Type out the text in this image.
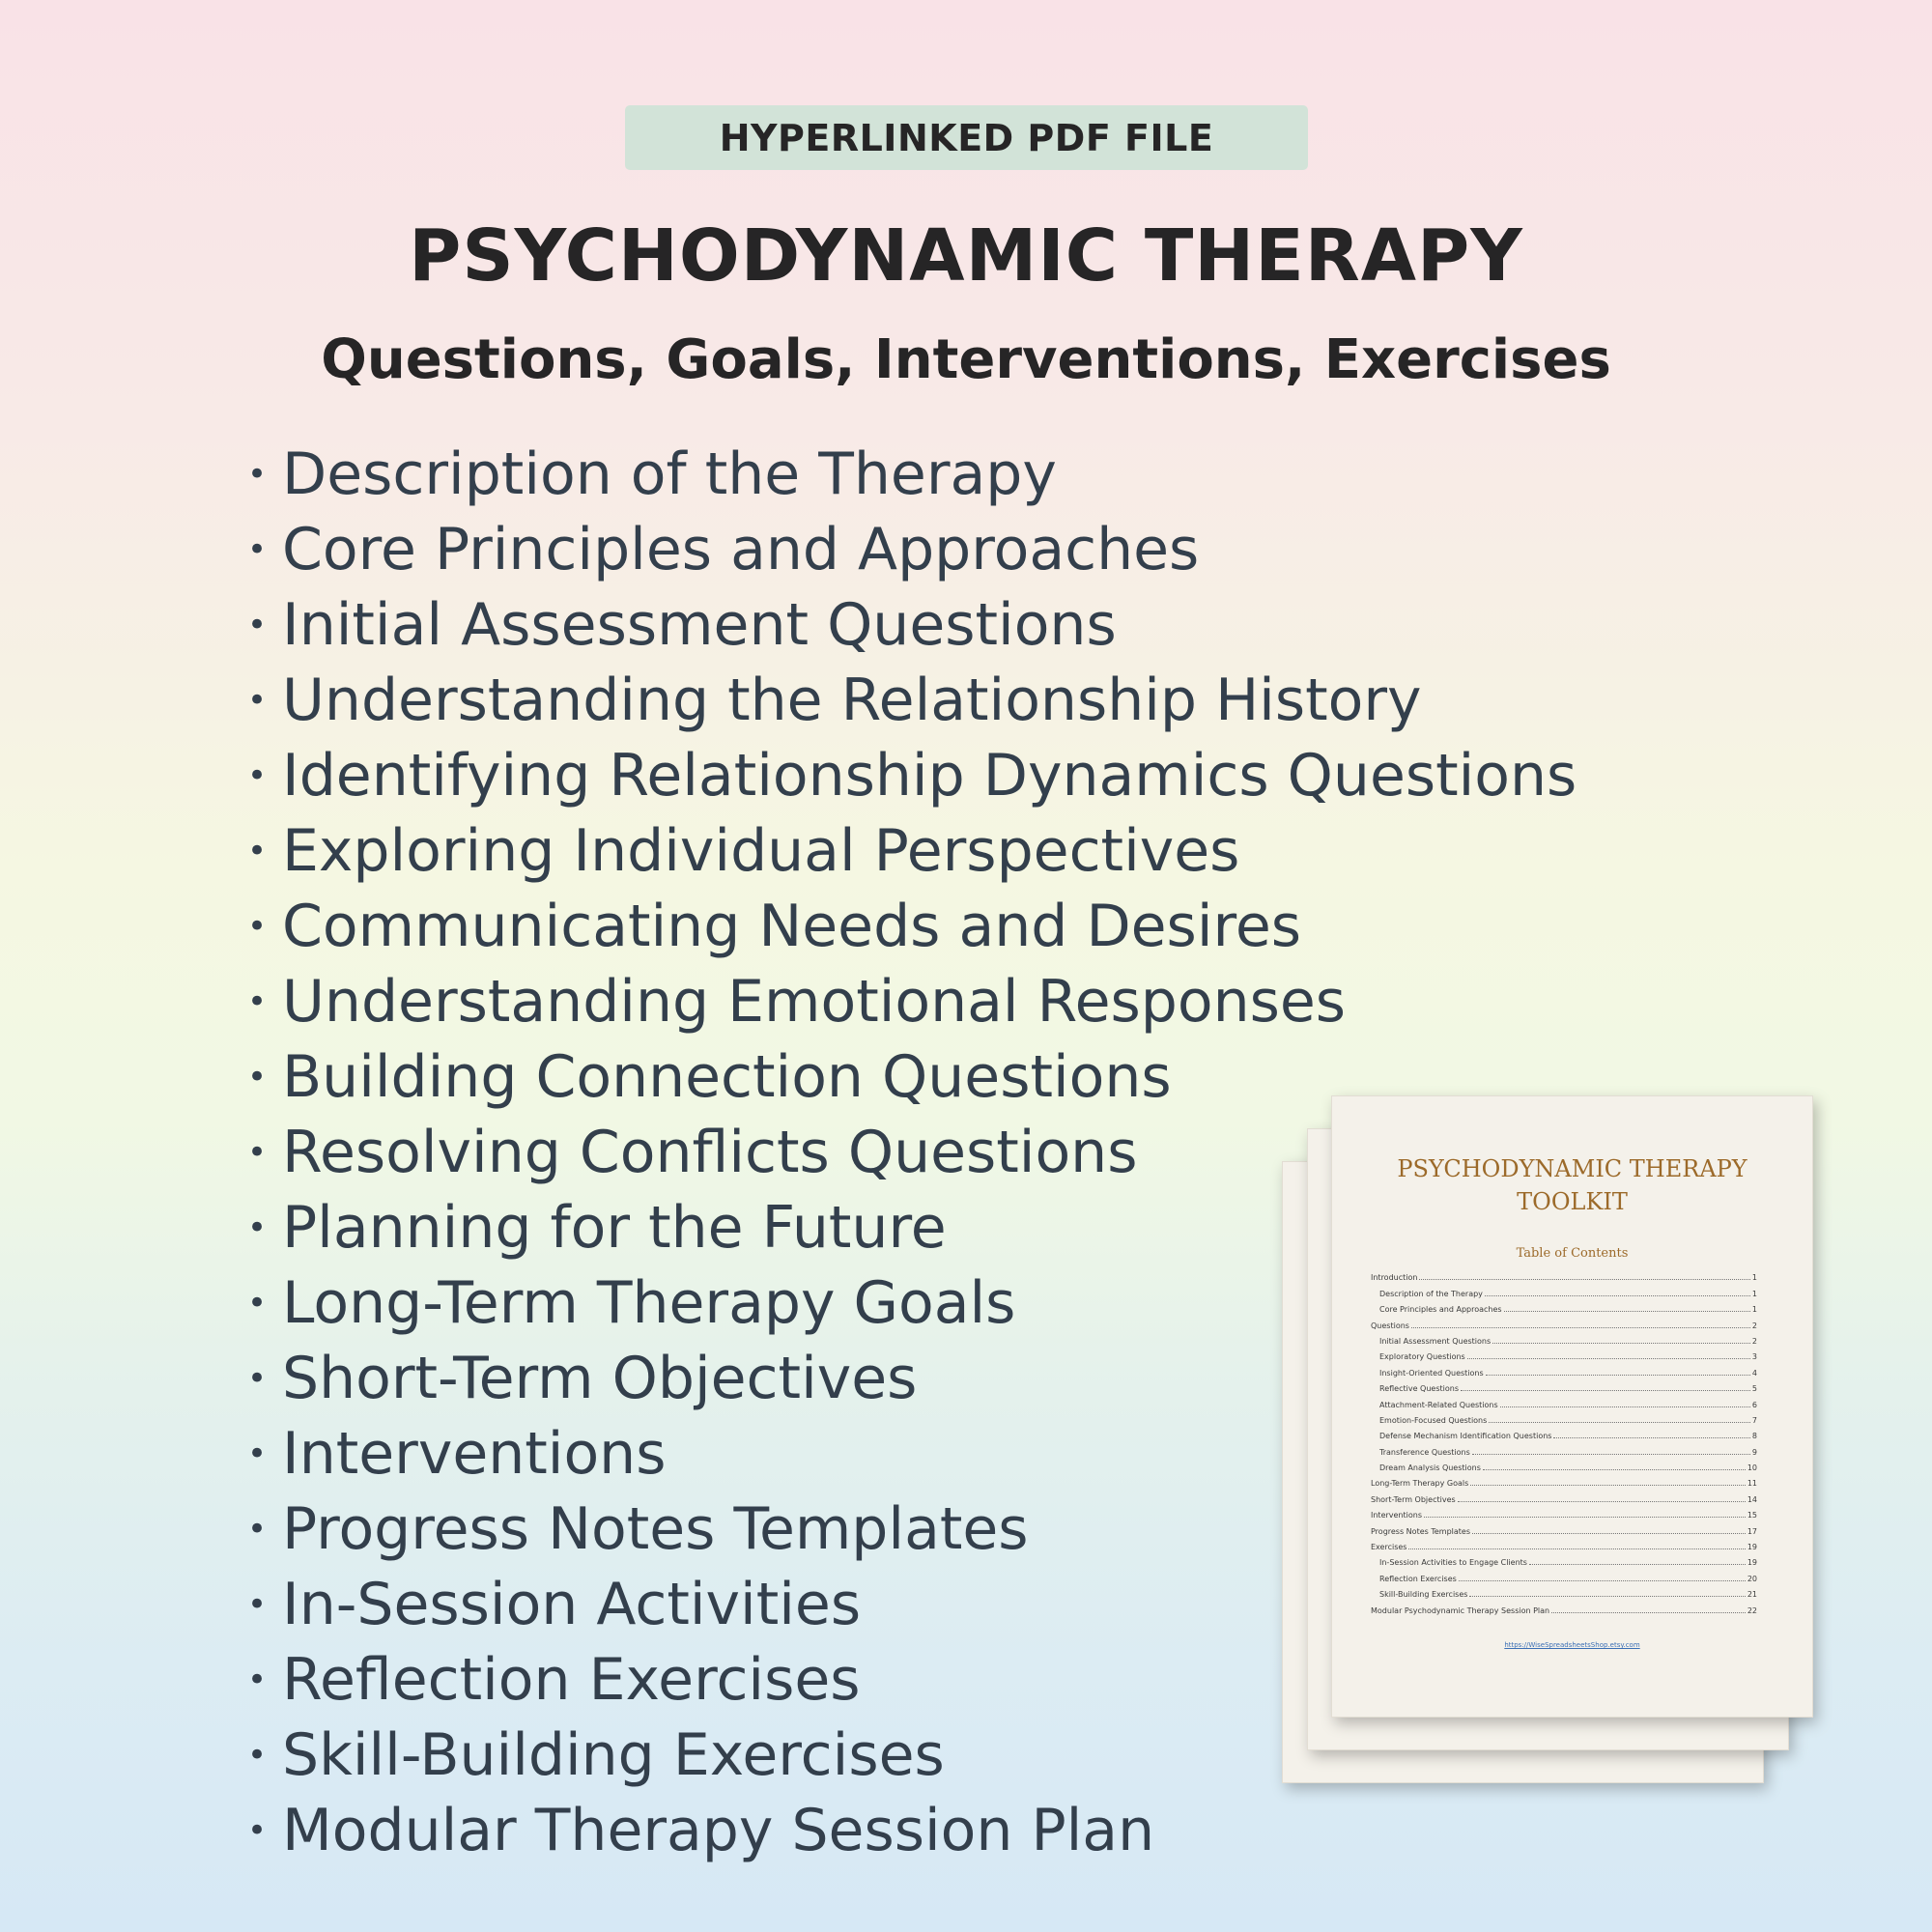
HYPERLINKED PDF FILE
PSYCHODYNAMIC THERAPY
Questions, Goals, Interventions, Exercises
• Description of the Therapy
• Core Principles and Approaches
• Initial Assessment Questions
• Understanding the Relationship History
• Identifying Relationship Dynamics Questions
• Exploring Individual Perspectives
• Communicating Needs and Desires
• Understanding Emotional Responses
• Building Connection Questions
• Resolving Conflicts Questions
• Planning for the Future
• Long-Term Therapy Goals
• Short-Term Objectives
• Interventions
• Progress Notes Templates
• In-Session Activities
• Reflection Exercises
• Skill-Building Exercises
• Modular Therapy Session Plan
PSYCHODYNAMIC THERAPY
TOOLKIT
Table of Contents
Introduction	1
Description of the Therapy	1
Core Principles and Approaches	1
Questions	2
Initial Assessment Questions	2
Exploratory Questions	3
Insight-Oriented Questions	4
Reflective Questions	5
Attachment-Related Questions	6
Emotion-Focused Questions	7
Defense Mechanism Identification Questions	8
Transference Questions	9
Dream Analysis Questions	10
Long-Term Therapy Goals	11
Short-Term Objectives	14
Interventions	15
Progress Notes Templates	17
Exercises	19
In-Session Activities to Engage Clients	19
Reflection Exercises	20
Skill-Building Exercises	21
Modular Psychodynamic Therapy Session Plan	22
https://WiseSpreadsheetsShop.etsy.com
